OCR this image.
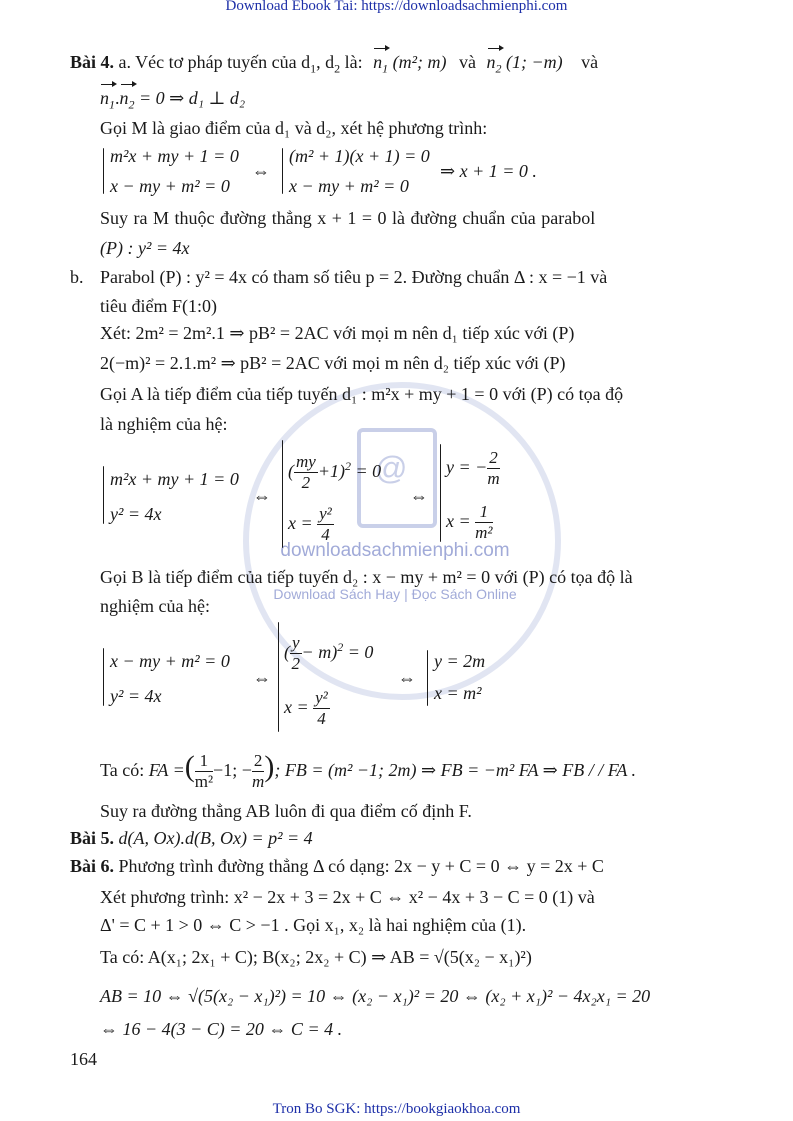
Download Ebook Tai: https://downloadsachmienphi.com
@
downloadsachmienphi.com
Download Sách Hay | Đọc Sách Online
Bài 4. a. Véc tơ pháp tuyến của $d_1$, $d_2$ là: $n_1$ (m²; m) và $n_2$ (1; −m) và
$n_1.n_2 = 0$ ⇒ d₁ ⊥ d₂
Gọi M là giao điểm của d₁ và d₂, xét hệ phương trình:
m²x + my + 1 = 0
x − my + m² = 0
⇔
(m² + 1)(x + 1) = 0
x − my + m² = 0
⇒ x + 1 = 0 .
Suy ra M thuộc đường thẳng x + 1 = 0 là đường chuẩn của parabol
(P) : y² = 4x
b. Parabol (P) : y² = 4x có tham số tiêu p = 2. Đường chuẩn Δ : x = −1 và
tiêu điểm F(1:0)
Xét: 2m² = 2m².1 ⇒ pB² = 2AC với mọi m nên d₁ tiếp xúc với (P)
2(−m)² = 2.1.m² ⇒ pB² = 2AC với mọi m nên d₂ tiếp xúc với (P)
Gọi A là tiếp điểm của tiếp tuyến d₁ : m²x + my + 1 = 0 với (P) có tọa độ
là nghiệm của hệ:
m²x + my + 1 = 0
y² = 4x
⇔
( $\frac{my}{2} +1)^2 = 0$
$x = \frac{\text{y²}}{4}$
⇔
y = − $\frac{2}{m}$
$x = \frac{1}{\text{m²}}$
Gọi B là tiếp điểm của tiếp tuyến d₂ : x − my + m² = 0 với (P) có tọa độ là
nghiệm của hệ:
x − my + m² = 0
y² = 4x
⇔
( $\frac{y}{2} - m)^2 = 0$
$x = \frac{\text{y²}}{4}$
⇔
y = 2m
x = m²
Ta có: FA =( $\frac{1}{\text{m²}} -1$; − $\frac{2}{m}$ ); FB = (m² −1; 2m) ⇒ FB = −m² FA ⇒ FB / / FA .
Suy ra đường thẳng AB luôn đi qua điểm cố định F.
Bài 5. d(A, Ox).d(B, Ox) = p² = 4
Bài 6. Phương trình đường thẳng Δ có dạng: 2x − y + C = 0 ⇔ y = 2x + C
Xét phương trình: x² − 2x + 3 = 2x + C ⇔ x² − 4x + 3 − C = 0 (1) và
Δ' = C + 1 > 0 ⇔ C > −1 . Gọi x₁, x₂ là hai nghiệm của (1).
Ta có: A(x₁; 2x₁ + C); B(x₂; 2x₂ + C) ⇒ AB = √(5(x₂ − x₁)²)
AB = 10 ⇔ √(5(x₂ − x₁)²) = 10 ⇔ (x₂ − x₁)² = 20 ⇔ (x₂ + x₁)² − 4x₂x₁ = 20
⇔ 16 − 4(3 − C) = 20 ⇔ C = 4 .
164
Tron Bo SGK: https://bookgiaokhoa.com
